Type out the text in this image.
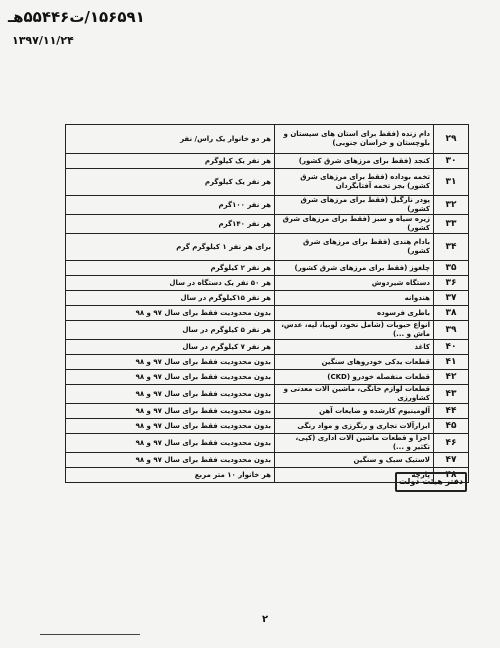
۱۵۶۵۹۱/ت۵۵۴۴۶هـ
۱۳۹۷/۱۱/۲۴
۲۹	دام زنده (فقط برای استان های سیستان و بلوچستان و خراسان جنوبی)	هر دو خانوار یک راس/ نفر
۳۰	کنجد (فقط برای مرزهای شرق کشور)	هر نفر یک کیلوگرم
۳۱	تخمه بوداده (فقط برای مرزهای شرق کشور) بجز تخمه آفتابگردان	هر نفر یک کیلوگرم
۳۲	پودر نارگیل (فقط برای مرزهای شرق کشور)	هر نفر ۱۰۰گرم
۳۳	زیره سیاه و سبز (فقط برای مرزهای شرق کشور)	هر نفر ۱۴۰گرم
۳۴	بادام هندی (فقط برای مرزهای شرق کشور)	برای هر نفر ۱ کیلوگرم گرم
۳۵	چلغوز (فقط برای مرزهای شرق کشور)	هر نفر ۲ کیلوگرم
۳۶	دستگاه شیردوش	هر ۵۰ نفر یک دستگاه در سال
۳۷	هندوانه	هر نفر ۱۵کیلوگرم در سال
۳۸	باطری فرسوده	بدون محدودیت فقط برای سال ۹۷ و ۹۸
۳۹	انواع حبوبات (شامل نخود، لوبیا، لپه، عدس، ماش و ...)	هر نفر ۵ کیلوگرم در سال
۴۰	کاغذ	هر نفر ۷ کیلوگرم در سال
۴۱	قطعات یدکی خودروهای سنگین	بدون محدودیت فقط برای سال ۹۷ و ۹۸
۴۲	قطعات منفصله خودرو (CKD)	بدون محدودیت فقط برای سال ۹۷ و ۹۸
۴۳	قطعات لوازم خانگی، ماشین آلات معدنی و کشاورزی	بدون محدودیت فقط برای سال ۹۷ و ۹۸
۴۴	آلومینیوم کارشده و ضایعات آهن	بدون محدودیت فقط برای سال ۹۷ و ۹۸
۴۵	ابزارآلات نجاری و رنگرزی و مواد رنگی	بدون محدودیت فقط برای سال ۹۷ و ۹۸
۴۶	اجزا و قطعات ماشین آلات اداری (کپی، تکثیر و ...)	بدون محدودیت فقط برای سال ۹۷ و ۹۸
۴۷	لاستیک سبک و سنگین	بدون محدودیت فقط برای سال ۹۷ و ۹۸
۴۸	پارچه	هر خانوار ۱۰ متر مربع
دفتر هیئت دولت
۲
